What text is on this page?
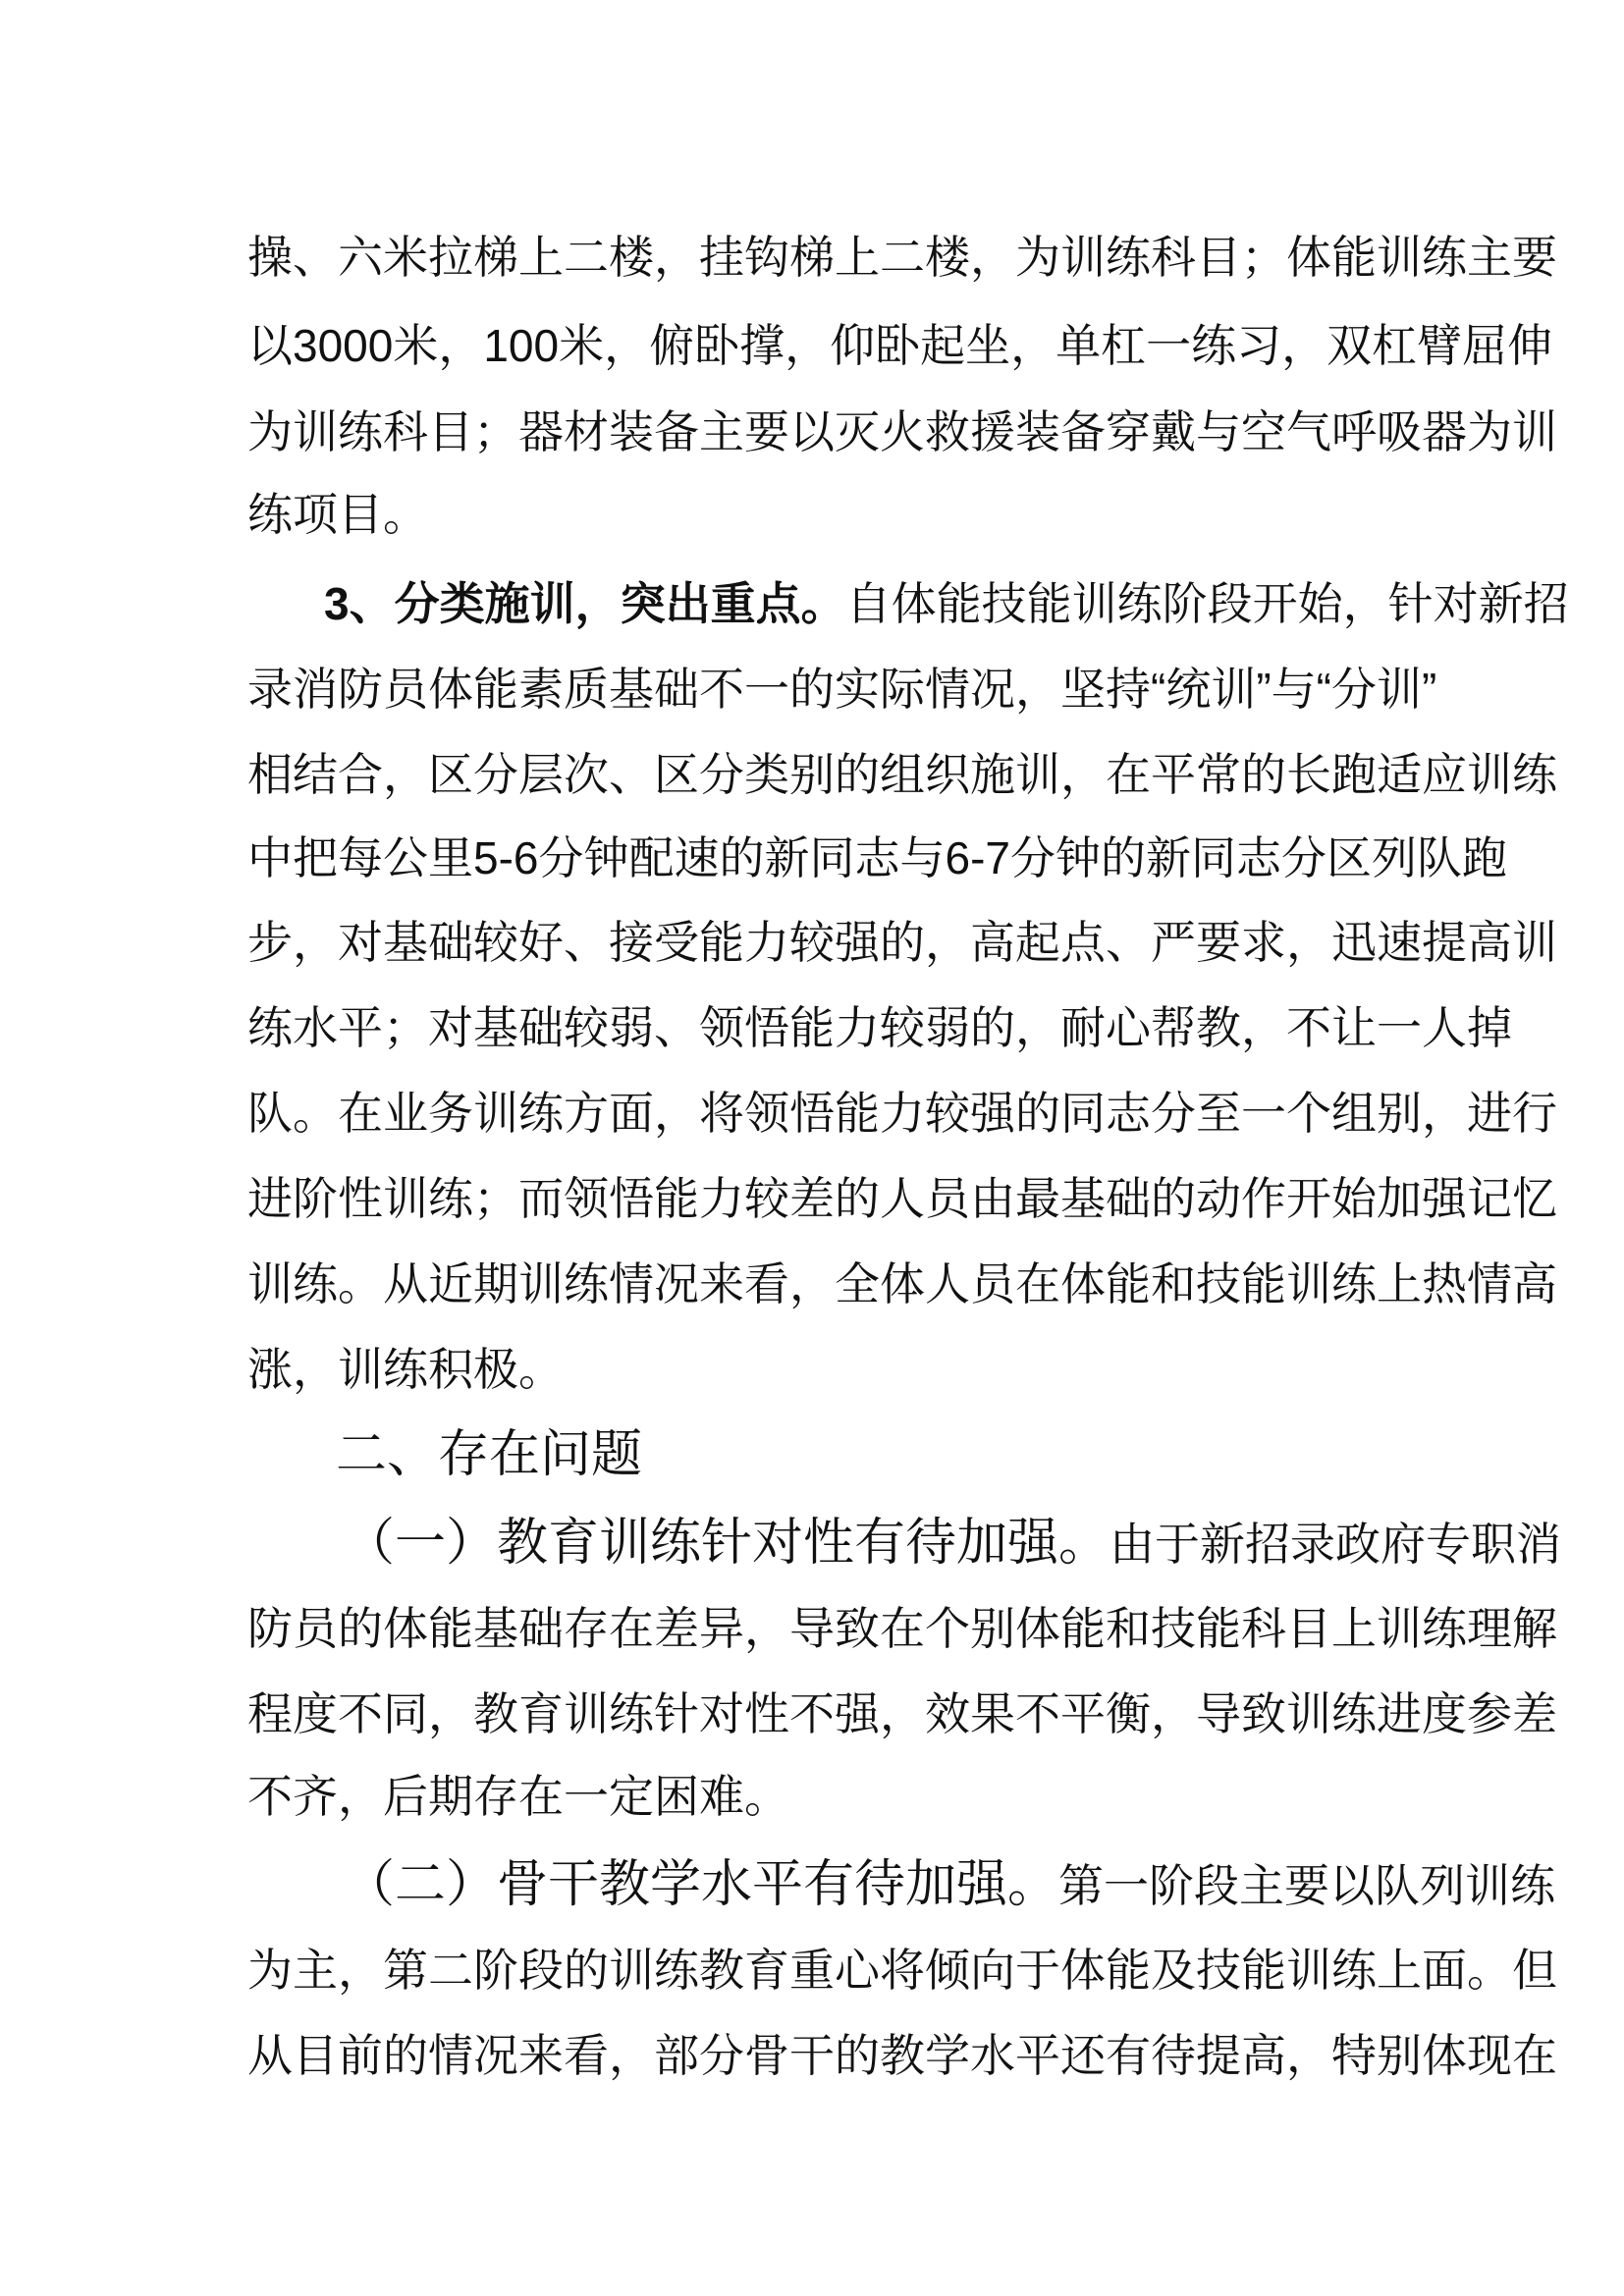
操、六米拉梯上二楼，挂钩梯上二楼，为训练科目；体能训练主要
以3000米，100米，俯卧撑，仰卧起坐，单杠一练习，双杠臂屈伸
为训练科目；器材装备主要以灭火救援装备穿戴与空气呼吸器为训
练项目。
3、分类施训，突出重点。自体能技能训练阶段开始，针对新招
录消防员体能素质基础不一的实际情况，坚持“统训”与“分训”
相结合，区分层次、区分类别的组织施训，在平常的长跑适应训练
中把每公里5-6分钟配速的新同志与6-7分钟的新同志分区列队跑
步，对基础较好、接受能力较强的，高起点、严要求，迅速提高训
练水平；对基础较弱、领悟能力较弱的，耐心帮教，不让一人掉
队。在业务训练方面，将领悟能力较强的同志分至一个组别，进行
进阶性训练；而领悟能力较差的人员由最基础的动作开始加强记忆
训练。从近期训练情况来看，全体人员在体能和技能训练上热情高
涨，训练积极。
二、存在问题
（一）教育训练针对性有待加强。由于新招录政府专职消
防员的体能基础存在差异，导致在个别体能和技能科目上训练理解
程度不同，教育训练针对性不强，效果不平衡，导致训练进度参差
不齐，后期存在一定困难。
（二）骨干教学水平有待加强。第一阶段主要以队列训练
为主，第二阶段的训练教育重心将倾向于体能及技能训练上面。但
从目前的情况来看，部分骨干的教学水平还有待提高，特别体现在
